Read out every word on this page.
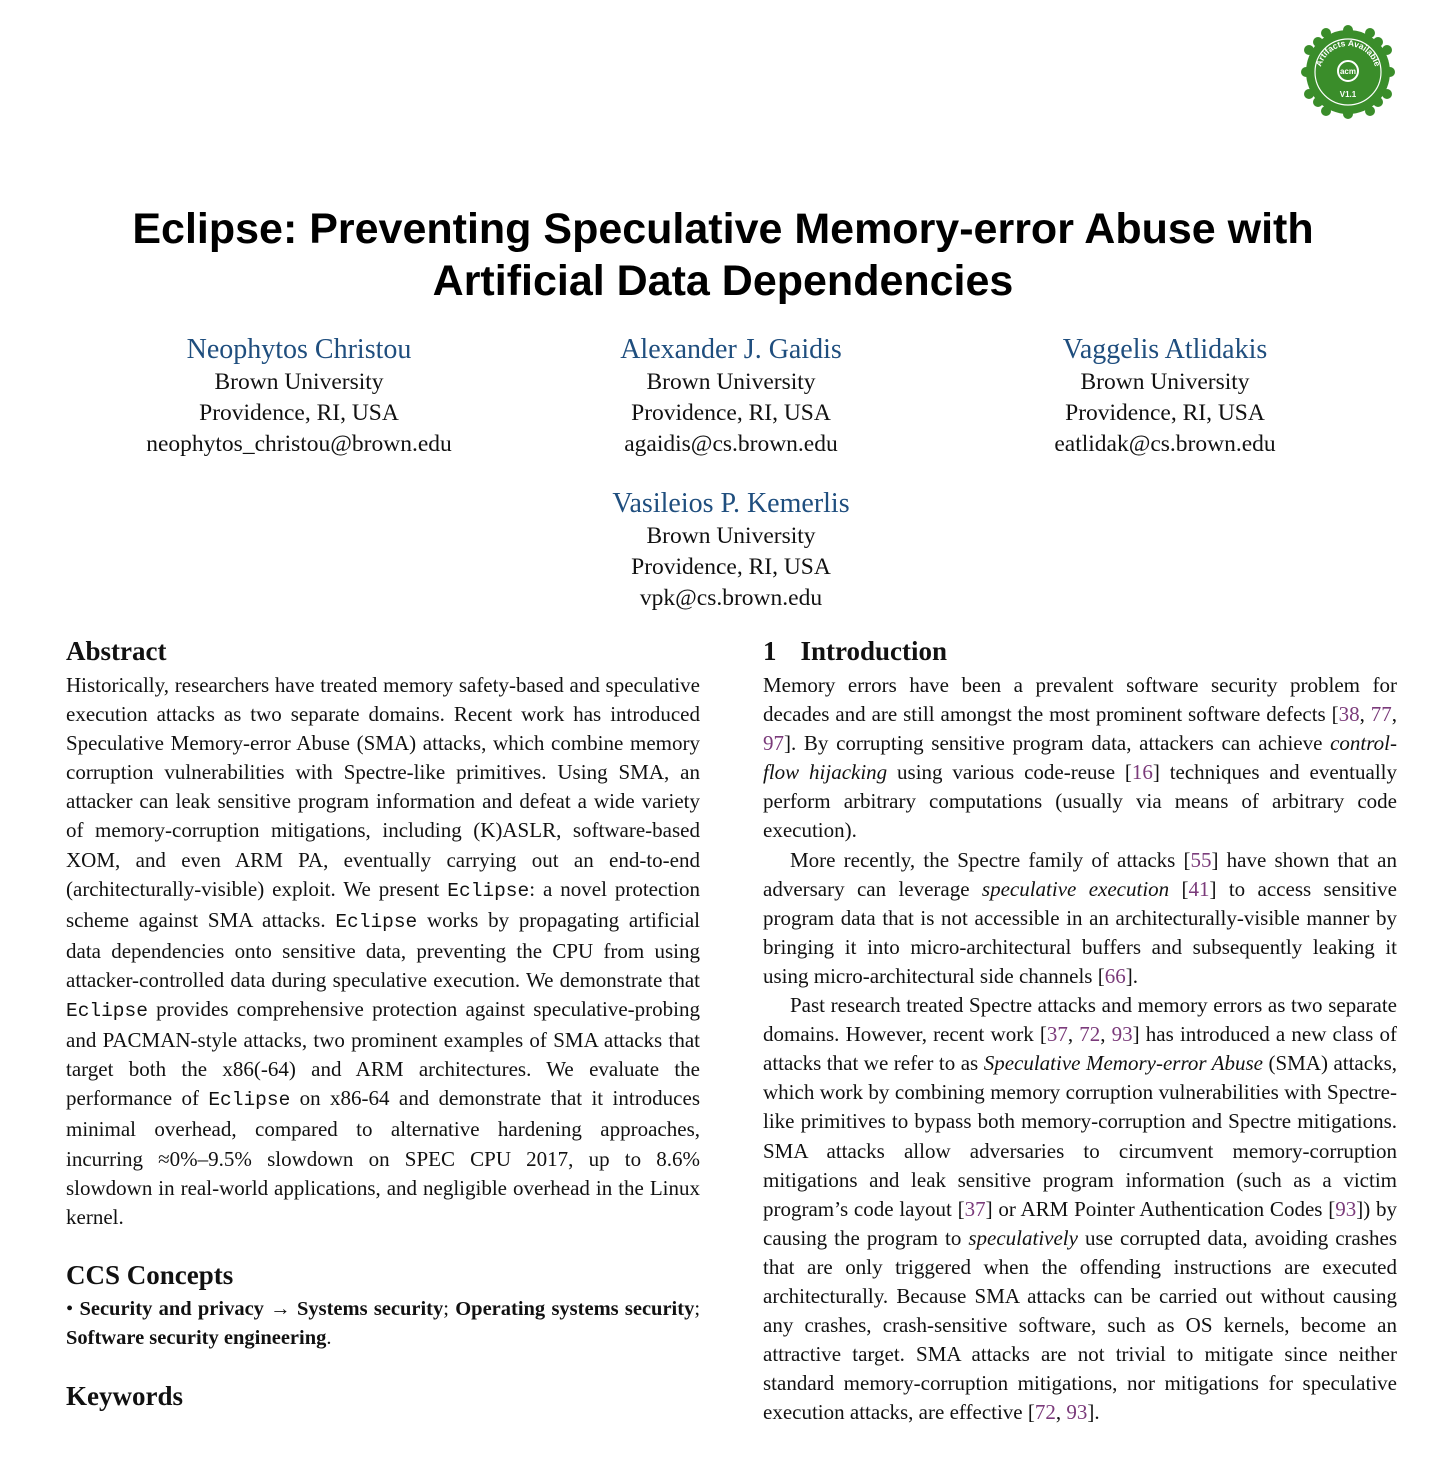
Artifacts Available
acm
V1.1
Eclipse: Preventing Speculative Memory-error Abuse with
Artificial Data Dependencies
Neophytos Christou
Brown University
Providence, RI, USA
neophytos_christou@brown.edu
Alexander J. Gaidis
Brown University
Providence, RI, USA
agaidis@cs.brown.edu
Vaggelis Atlidakis
Brown University
Providence, RI, USA
eatlidak@cs.brown.edu
Vasileios P. Kemerlis
Brown University
Providence, RI, USA
vpk@cs.brown.edu
Abstract

Historically, researchers have treated memory safety-based and speculative execution attacks as two separate domains. Recent work has introduced Speculative Memory-error Abuse (SMA) attacks, which combine memory corruption vulnerabilities with Spectre-like primitives. Using SMA, an attacker can leak sensitive program information and defeat a wide variety of memory-corruption mitigations, including (K)ASLR, software-based XOM, and even ARM PA, eventually carrying out an end-to-end (architecturally-visible) exploit. We present Eclipse: a novel protection scheme against SMA attacks. Eclipse works by propagating artificial data dependencies onto sensitive data, preventing the CPU from using attacker-controlled data during speculative execution. We demonstrate that Eclipse provides comprehensive protection against speculative-probing and PACMAN-style attacks, two prominent examples of SMA attacks that target both the x86(-64) and ARM architectures. We evaluate the performance of Eclipse on x86-64 and demonstrate that it introduces minimal overhead, compared to alternative hardening approaches, incurring ≈0%–9.5% slowdown on SPEC CPU 2017, up to 8.6% slowdown in real-world applications, and negligible overhead in the Linux kernel.

CCS Concepts

• Security and privacy → Systems security; Operating systems security; Software security engineering.

Keywords
1 Introduction

Memory errors have been a prevalent software security problem for decades and are still amongst the most prominent software defects [38, 77, 97]. By corrupting sensitive program data, attackers can achieve control-flow hijacking using various code-reuse [16] techniques and eventually perform arbitrary computations (usually via means of arbitrary code execution).

More recently, the Spectre family of attacks [55] have shown that an adversary can leverage speculative execution [41] to access sensitive program data that is not accessible in an architecturally-visible manner by bringing it into micro-architectural buffers and subsequently leaking it using micro-architectural side channels [66].

Past research treated Spectre attacks and memory errors as two separate domains. However, recent work [37, 72, 93] has introduced a new class of attacks that we refer to as Speculative Memory-error Abuse (SMA) attacks, which work by combining memory corruption vulnerabilities with Spectre-like primitives to bypass both memory-corruption and Spectre mitigations. SMA attacks allow adversaries to circumvent memory-corruption mitigations and leak sensitive program information (such as a victim program’s code layout [37] or ARM Pointer Authentication Codes [93]) by causing the program to speculatively use corrupted data, avoiding crashes that are only triggered when the offending instructions are executed architecturally. Because SMA attacks can be carried out without causing any crashes, crash-sensitive software, such as OS kernels, become an attractive target. SMA attacks are not trivial to mitigate since neither standard memory-corruption mitigations, nor mitigations for speculative execution attacks, are effective [72, 93].
